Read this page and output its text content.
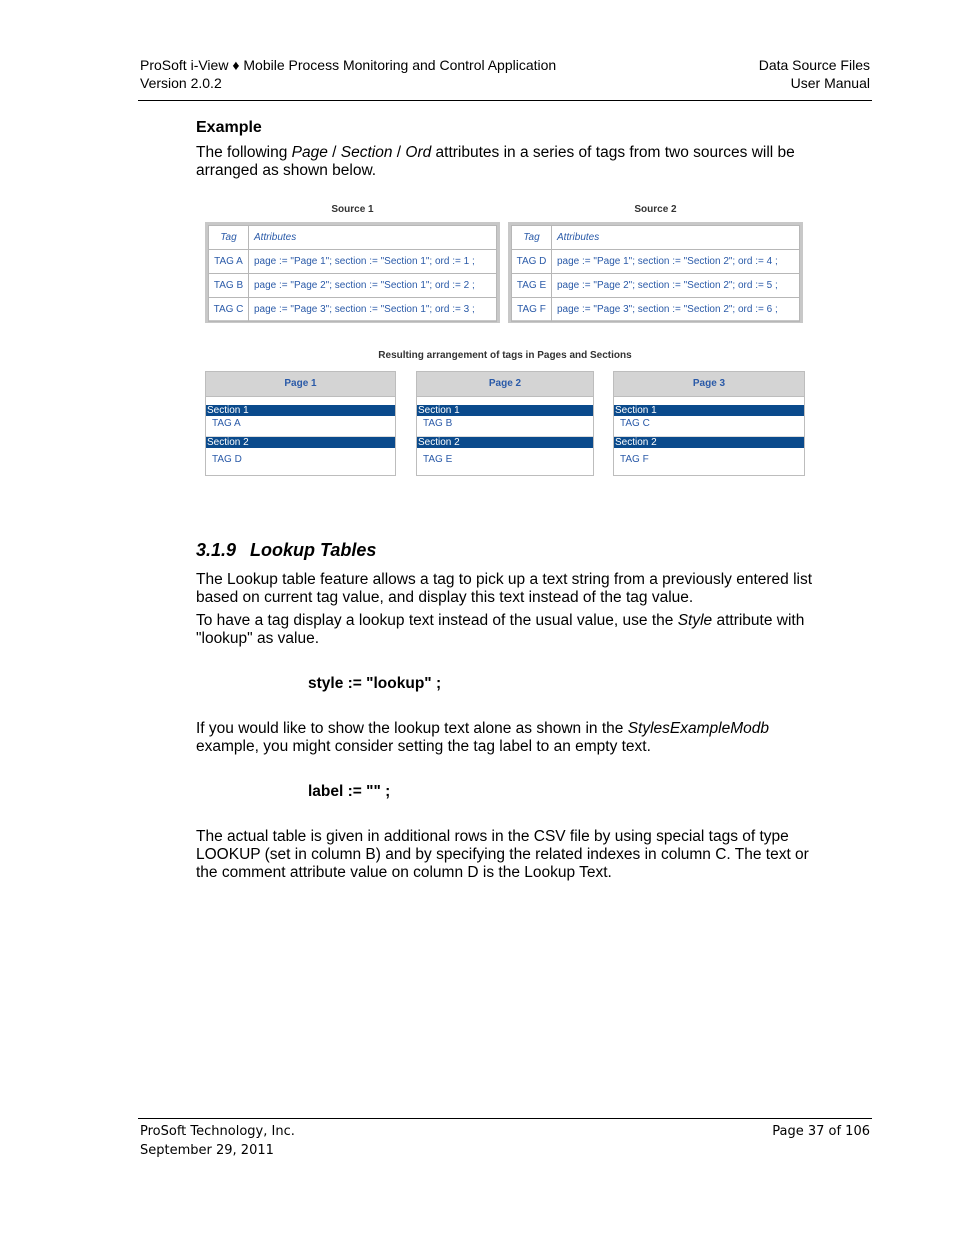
ProSoft i-View ♦ Mobile Process Monitoring and Control Application
Version 2.0.2
Data Source Files
User Manual
Example
The following Page / Section / Ord attributes in a series of tags from two sources will be arranged as shown below.
Source 1
Tag	Attributes
TAG A	page := "Page 1"; section := "Section 1"; ord := 1 ;
TAG B	page := "Page 2"; section := "Section 1"; ord := 2 ;
TAG C	page := "Page 3"; section := "Section 1"; ord := 3 ;
Source 2
Tag	Attributes
TAG D	page := "Page 1"; section := "Section 2"; ord := 4 ;
TAG E	page := "Page 2"; section := "Section 2"; ord := 5 ;
TAG F	page := "Page 3"; section := "Section 2"; ord := 6 ;
Resulting arrangement of tags in Pages and Sections
Page 1
Section 1
TAG A
Section 2
TAG D
Page 2
Section 1
TAG B
Section 2
TAG E
Page 3
Section 1
TAG C
Section 2
TAG F
3.1.9 Lookup Tables
The Lookup table feature allows a tag to pick up a text string from a previously entered list based on current tag value, and display this text instead of the tag value.
To have a tag display a lookup text instead of the usual value, use the Style attribute with "lookup" as value.
style := "lookup" ;
If you would like to show the lookup text alone as shown in the StylesExampleModb example, you might consider setting the tag label to an empty text.
label := "" ;
The actual table is given in additional rows in the CSV file by using special tags of type LOOKUP (set in column B) and by specifying the related indexes in column C. The text or the comment attribute value on column D is the Lookup Text.
ProSoft Technology, Inc.
September 29, 2011
Page 37 of 106
